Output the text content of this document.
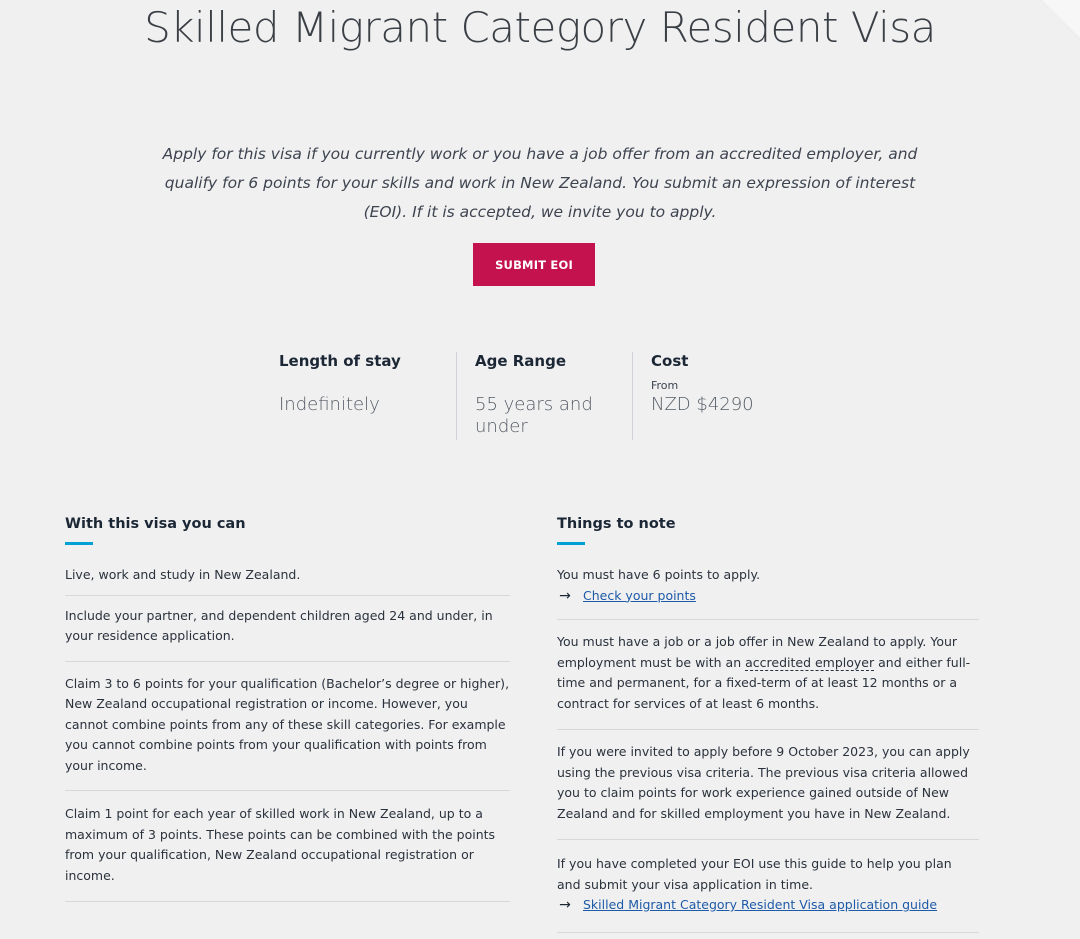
Skilled Migrant Category Resident Visa

Apply for this visa if you currently work or you have a job offer from an accredited employer, and qualify for 6 points for your skills and work in New Zealand. You submit an expression of interest (EOI). If it is accepted, we invite you to apply.

SUBMIT EOI
Length of stay
Indefinitely
Age Range
55 years and under
Cost
From
NZD $4290
With this visa you can

Live, work and study in New Zealand.

Include your partner, and dependent children aged 24 and under, in your residence application.

Claim 3 to 6 points for your qualification (Bachelor’s degree or higher), New Zealand occupational registration or income. However, you cannot combine points from any of these skill categories. For example you cannot combine points from your qualification with points from your income.

Claim 1 point for each year of skilled work in New Zealand, up to a maximum of 3 points. These points can be combined with the points from your qualification, New Zealand occupational registration or income.

Things to note

You must have 6 points to apply.

→ Check your points

You must have a job or a job offer in New Zealand to apply. Your employment must be with an accredited employer and either full-time and permanent, for a fixed-term of at least 12 months or a contract for services of at least 6 months.

If you were invited to apply before 9 October 2023, you can apply using the previous visa criteria. The previous visa criteria allowed you to claim points for work experience gained outside of New Zealand and for skilled employment you have in New Zealand.

If you have completed your EOI use this guide to help you plan and submit your visa application in time.

→ Skilled Migrant Category Resident Visa application guide
